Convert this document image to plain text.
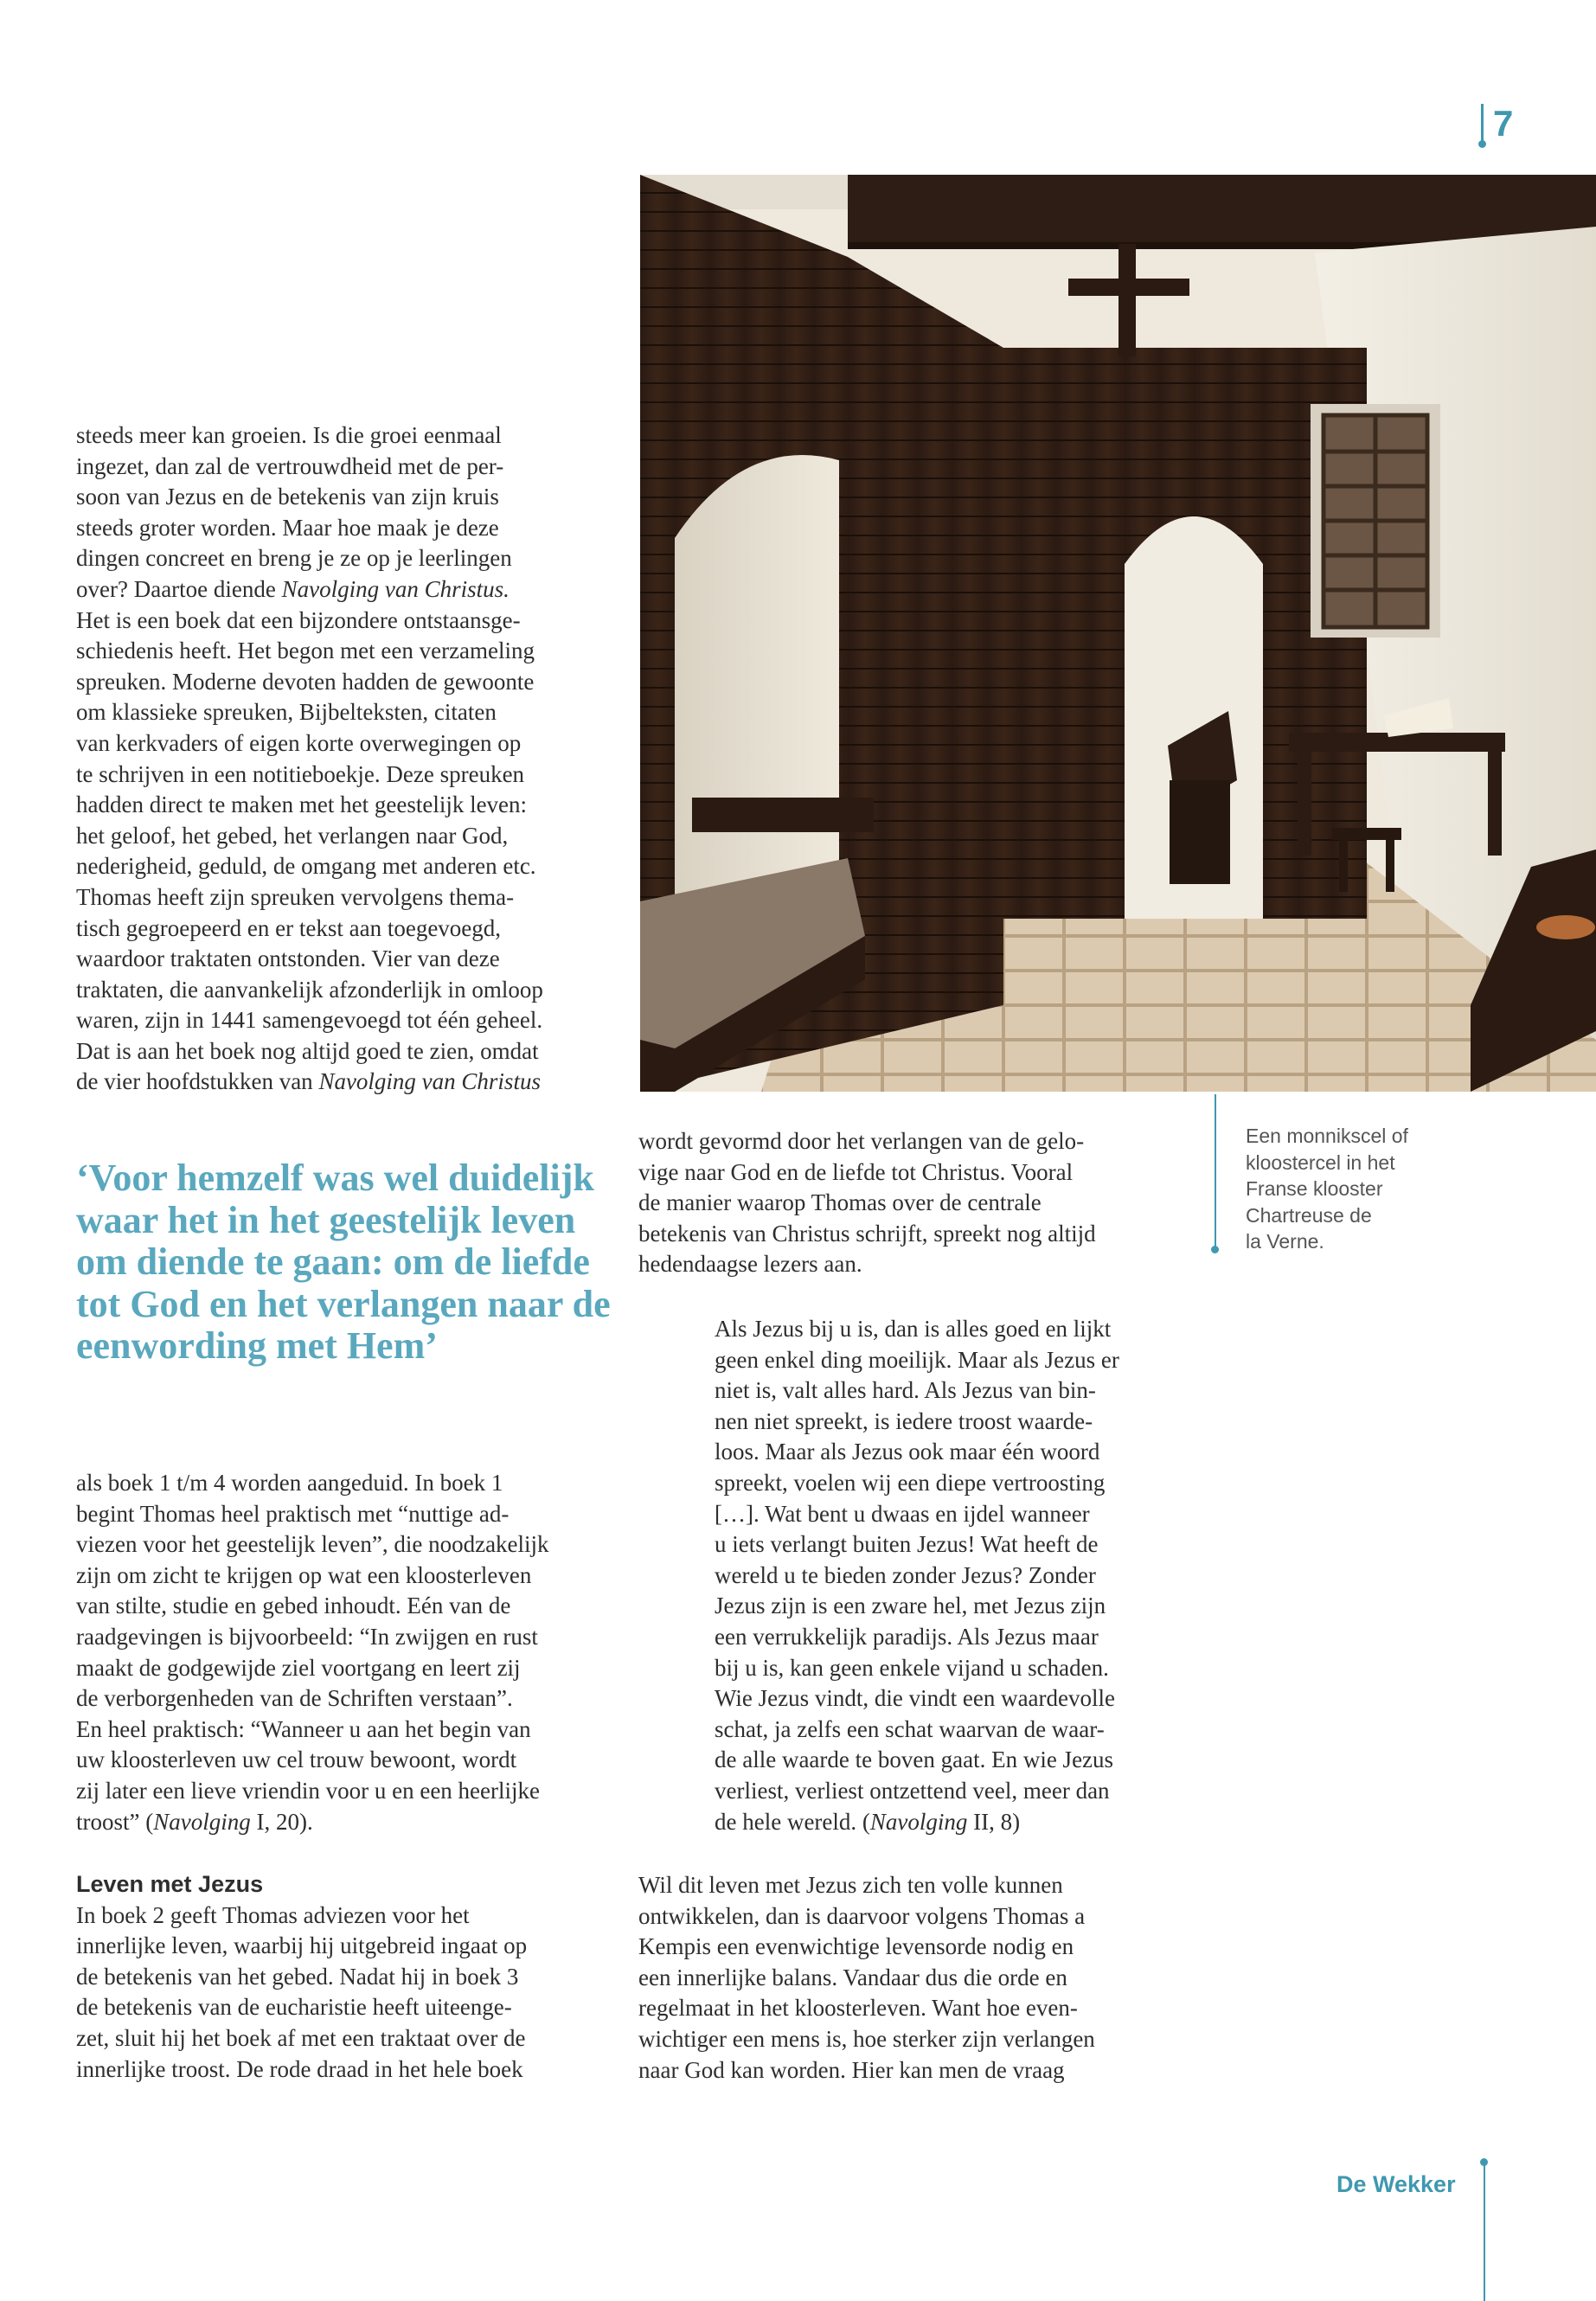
7
Een monnikscel of
kloostercel in het
Franse klooster
Chartreuse de
la Verne.
steeds meer kan groeien. Is die groei eenmaal
ingezet, dan zal de vertrouwdheid met de per-
soon van Jezus en de betekenis van zijn kruis
steeds groter worden. Maar hoe maak je deze
dingen concreet en breng je ze op je leerlingen
over? Daartoe diende Navolging van Christus.
Het is een boek dat een bijzondere ontstaansge-
schiedenis heeft. Het begon met een verzameling
spreuken. Moderne devoten hadden de gewoonte
om klassieke spreuken, Bijbelteksten, citaten
van kerkvaders of eigen korte overwegingen op
te schrijven in een notitieboekje. Deze spreuken
hadden direct te maken met het geestelijk leven:
het geloof, het gebed, het verlangen naar God,
nederigheid, geduld, de omgang met anderen etc.
Thomas heeft zijn spreuken vervolgens thema-
tisch gegroepeerd en er tekst aan toegevoegd,
waardoor traktaten ontstonden. Vier van deze
traktaten, die aanvankelijk afzonderlijk in omloop
waren, zijn in 1441 samengevoegd tot één geheel.
Dat is aan het boek nog altijd goed te zien, omdat
de vier hoofdstukken van Navolging van Christus
‘Voor hemzelf was wel duidelijk waar het in het geestelijk leven om diende te gaan: om de liefde tot God en het verlangen naar de eenwording met Hem’
als boek 1 t/m 4 worden aangeduid. In boek 1
begint Thomas heel praktisch met “nuttige ad-
viezen voor het geestelijk leven”, die noodzakelijk
zijn om zicht te krijgen op wat een kloosterleven
van stilte, studie en gebed inhoudt. Eén van de
raadgevingen is bijvoorbeeld: “In zwijgen en rust
maakt de godgewijde ziel voortgang en leert zij
de verborgenheden van de Schriften verstaan”.
En heel praktisch: “Wanneer u aan het begin van
uw kloosterleven uw cel trouw bewoont, wordt
zij later een lieve vriendin voor u en een heerlijke
troost” (Navolging I, 20).
Leven met Jezus
In boek 2 geeft Thomas adviezen voor het
innerlijke leven, waarbij hij uitgebreid ingaat op
de betekenis van het gebed. Nadat hij in boek 3
de betekenis van de eucharistie heeft uiteenge-
zet, sluit hij het boek af met een traktaat over de
innerlijke troost. De rode draad in het hele boek
wordt gevormd door het verlangen van de gelo-
vige naar God en de liefde tot Christus. Vooral
de manier waarop Thomas over de centrale
betekenis van Christus schrijft, spreekt nog altijd
hedendaagse lezers aan.
Als Jezus bij u is, dan is alles goed en lijkt
geen enkel ding moeilijk. Maar als Jezus er
niet is, valt alles hard. Als Jezus van bin-
nen niet spreekt, is iedere troost waarde-
loos. Maar als Jezus ook maar één woord
spreekt, voelen wij een diepe vertroosting
[…]. Wat bent u dwaas en ijdel wanneer
u iets verlangt buiten Jezus! Wat heeft de
wereld u te bieden zonder Jezus? Zonder
Jezus zijn is een zware hel, met Jezus zijn
een verrukkelijk paradijs. Als Jezus maar
bij u is, kan geen enkele vijand u schaden.
Wie Jezus vindt, die vindt een waardevolle
schat, ja zelfs een schat waarvan de waar-
de alle waarde te boven gaat. En wie Jezus
verliest, verliest ontzettend veel, meer dan
de hele wereld. (Navolging II, 8)
Wil dit leven met Jezus zich ten volle kunnen
ontwikkelen, dan is daarvoor volgens Thomas a
Kempis een evenwichtige levensorde nodig en
een innerlijke balans. Vandaar dus die orde en
regelmaat in het kloosterleven. Want hoe even-
wichtiger een mens is, hoe sterker zijn verlangen
naar God kan worden. Hier kan men de vraag
De Wekker
